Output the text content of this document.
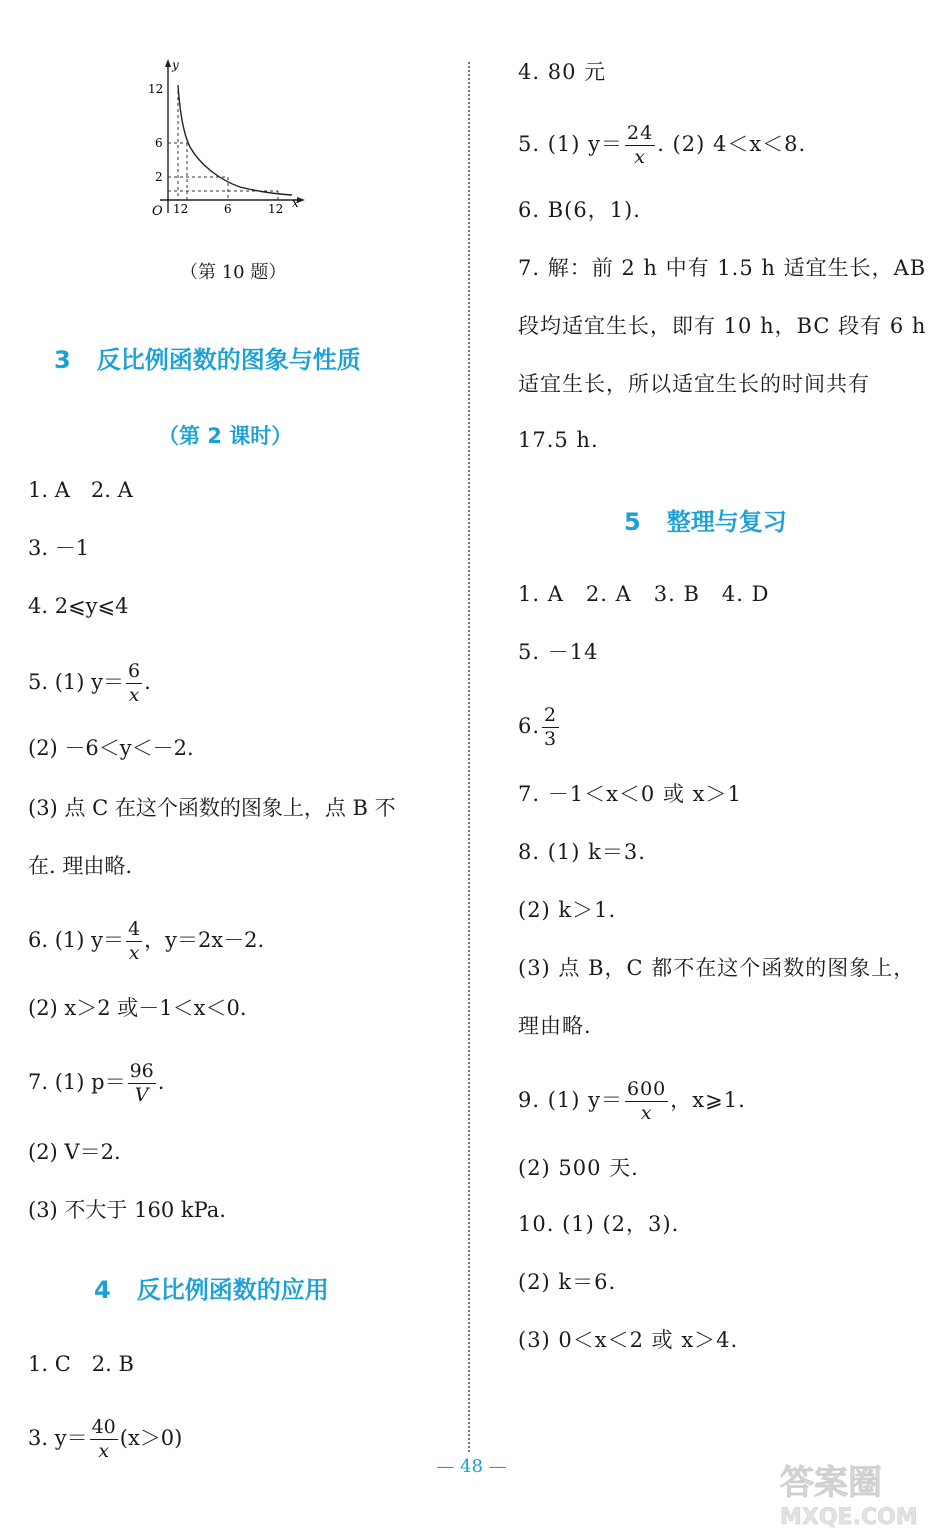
y
x
O
12
6
2
12	6	12
（第 10 题）
3 反比例函数的图象与性质
（第 2 课时）
1. A　2. A
3. －1
4. 2⩽y⩽4
5. (1) $y= \frac{6}{x}$ .
(2) －6＜y＜－2.
(3) 点 C 在这个函数的图象上，点 B 不
在. 理由略.
6. (1) $y= \frac{4}{x}$ ，y＝2x－2.
(2) x＞2 或－1＜x＜0.
7. (1) $p= \frac{96}{V}$ .
(2) V＝2.
(3) 不大于 160 kPa.
4 反比例函数的应用
1. C　2. B
3. $y= \frac{40}{x} (x>0)$
4. 80 元
5. (1) $y= \frac{24}{x}$ . (2) 4＜x＜8.
6. B(6，1).
7. 解：前 2 h 中有 1.5 h 适宜生长，AB
段均适宜生长，即有 10 h，BC 段有 6 h
适宜生长，所以适宜生长的时间共有
17.5 h.
5 整理与复习
1. A　2. A　3. B　4. D
5. －14
6. $\frac{2}{3}$
7. －1＜x＜0 或 x＞1
8. (1) k＝3.
(2) k＞1.
(3) 点 B，C 都不在这个函数的图象上，
理由略.
9. (1) $y= \frac{600}{x}$ ，x⩾1.
(2) 500 天.
10. (1) (2，3).
(2) k＝6.
(3) 0＜x＜2 或 x＞4.
— 48 —	答案圈
MXQE.COM
